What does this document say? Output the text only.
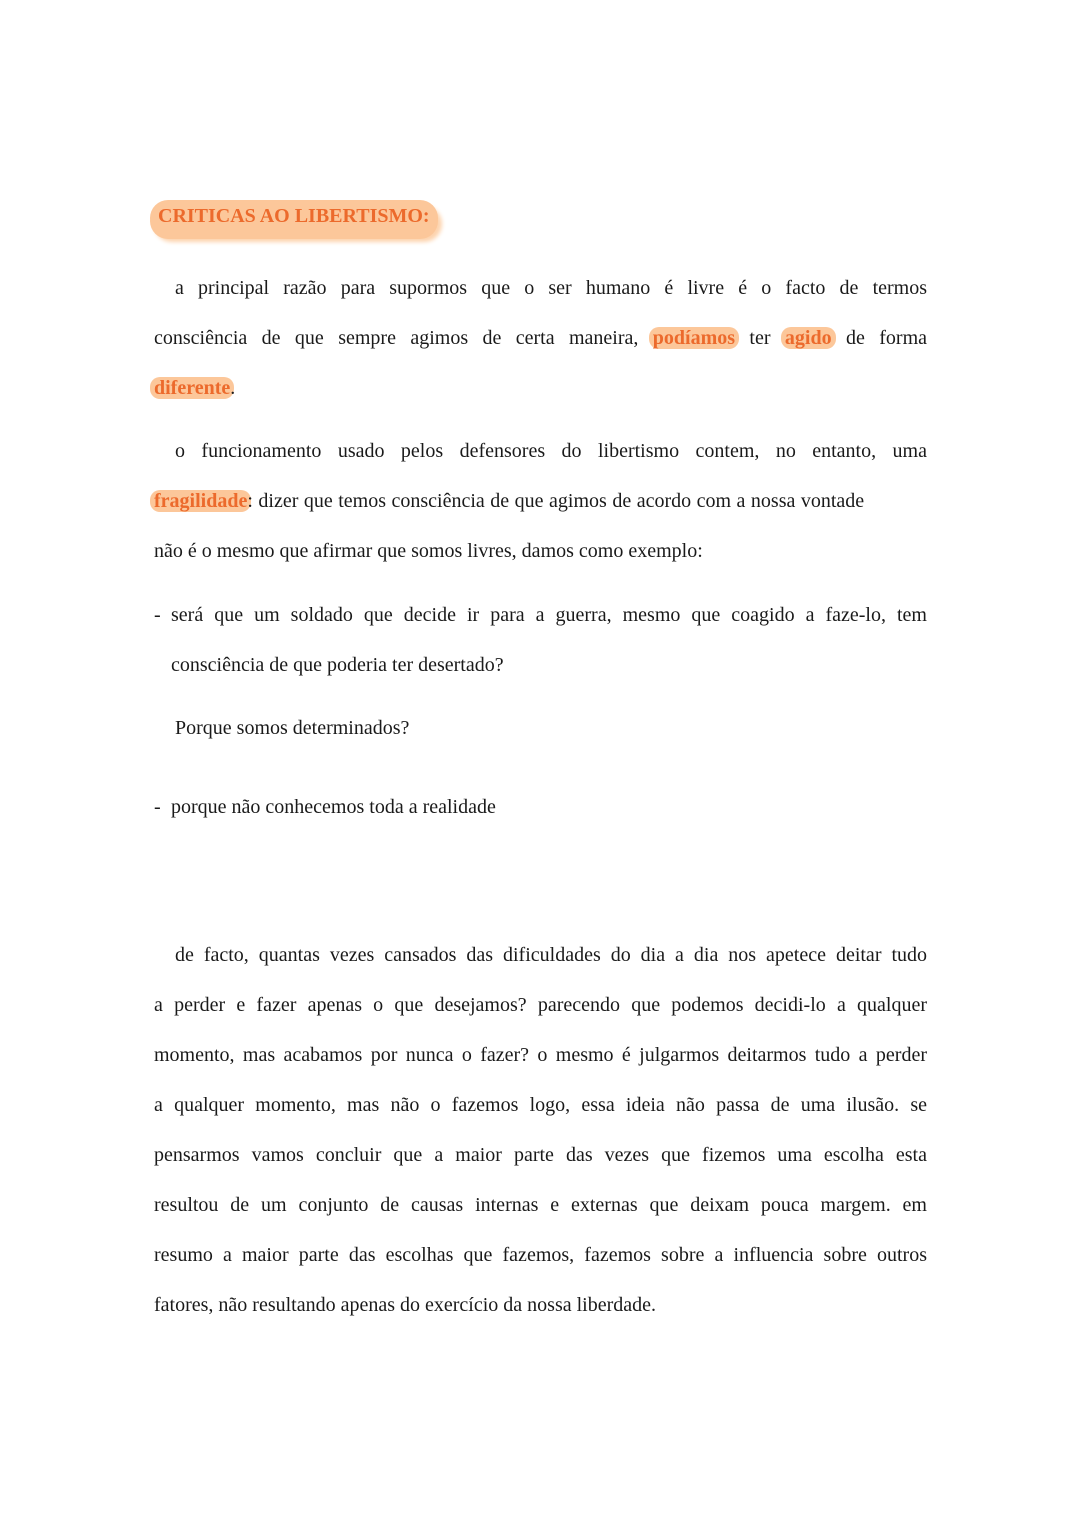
CRITICAS AO LIBERTISMO:
a principal razão para supormos que o ser humano é livre é o facto de termos
consciência de que sempre agimos de certa maneira, podíamos ter agido de forma
diferente.
o funcionamento usado pelos defensores do libertismo contem, no entanto, uma
fragilidade: dizer que temos consciência de que agimos de acordo com a nossa vontade
não é o mesmo que afirmar que somos livres, damos como exemplo:
- será que um soldado que decide ir para a guerra, mesmo que coagido a faze-lo, tem
consciência de que poderia ter desertado?
Porque somos determinados?
- porque não conhecemos toda a realidade
de facto, quantas vezes cansados das dificuldades do dia a dia nos apetece deitar tudo
a perder e fazer apenas o que desejamos? parecendo que podemos decidi-lo a qualquer
momento, mas acabamos por nunca o fazer? o mesmo é julgarmos deitarmos tudo a perder
a qualquer momento, mas não o fazemos logo, essa ideia não passa de uma ilusão. se
pensarmos vamos concluir que a maior parte das vezes que fizemos uma escolha esta
resultou de um conjunto de causas internas e externas que deixam pouca margem. em
resumo a maior parte das escolhas que fazemos, fazemos sobre a influencia sobre outros
fatores, não resultando apenas do exercício da nossa liberdade.
